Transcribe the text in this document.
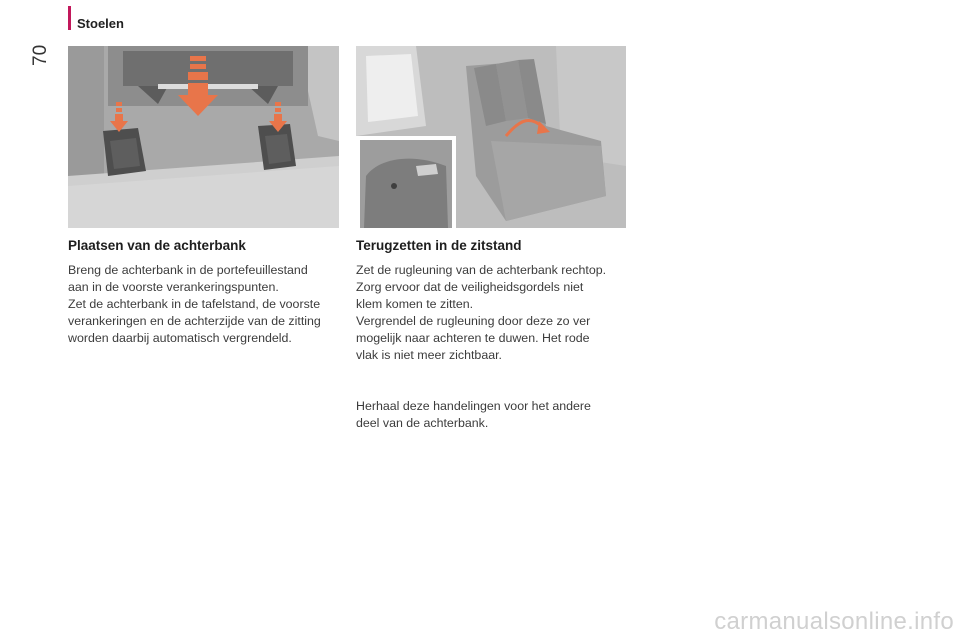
Stoelen
70
Plaatsen van de achterbank

Breng de achterbank in de portefeuillestand
aan in de voorste verankeringspunten.
Zet de achterbank in de tafelstand, de voorste
verankeringen en de achterzijde van de zitting
worden daarbij automatisch vergrendeld.

Terugzetten in de zitstand

Zet de rugleuning van de achterbank rechtop.
Zorg ervoor dat de veiligheidsgordels niet
klem komen te zitten.
Vergrendel de rugleuning door deze zo ver
mogelijk naar achteren te duwen. Het rode
vlak is niet meer zichtbaar.

Herhaal deze handelingen voor het andere
deel van de achterbank.

carmanualsonline.info
